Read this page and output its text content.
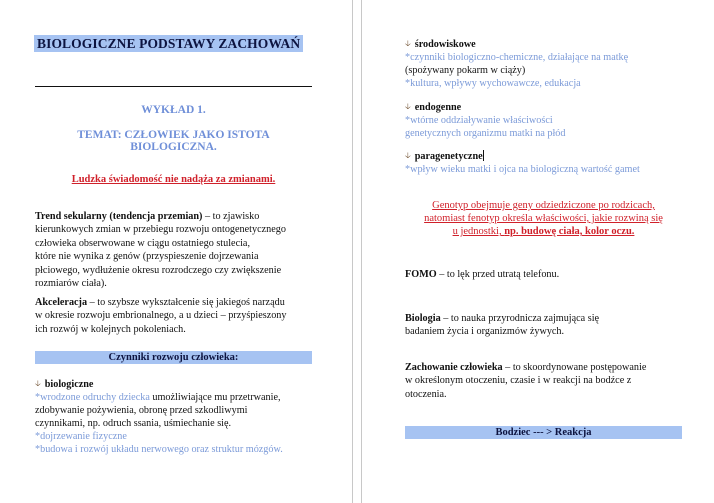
BIOLOGICZNE PODSTAWY ZACHOWAŃ
WYKŁAD 1.
TEMAT: CZŁOWIEK JAKO ISTOTA BIOLOGICZNA.
Ludzka świadomość nie nadąża za zmianami.
Trend sekularny (tendencja przemian) – to zjawisko
kierunkowych zmian w przebiegu rozwoju ontogenetycznego
człowieka obserwowane w ciągu ostatniego stulecia,
które nie wynika z genów (przyspieszenie dojrzewania
płciowego, wydłużenie okresu rozrodczego czy zwiększenie
rozmiarów ciała).
Akceleracja – to szybsze wykształcenie się jakiegoś narządu
w okresie rozwoju embrionalnego, a u dzieci – przyśpieszony
ich rozwój w kolejnych pokoleniach.
Czynniki rozwoju człowieka:
🡣 biologiczne
*wrodzone odruchy dziecka umożliwiające mu przetrwanie,
zdobywanie pożywienia, obronę przed szkodliwymi
czynnikami, np. odruch ssania, uśmiechanie się.
*dojrzewanie fizyczne
*budowa i rozwój układu nerwowego oraz struktur mózgów.
🡣 środowiskowe
*czynniki biologiczno-chemiczne, działające na matkę
(spożywany pokarm w ciąży)
*kultura, wpływy wychowawcze, edukacja
🡣 endogenne
*wtórne oddziaływanie właściwości
genetycznych organizmu matki na płód
🡣 paragenetyczne
*wpływ wieku matki i ojca na biologiczną wartość gamet
Genotyp obejmuje geny odziedziczone po rodzicach,
natomiast fenotyp określa właściwości, jakie rozwiną się
u jednostki, np. budowę ciała, kolor oczu.
FOMO – to lęk przed utratą telefonu.
Biologia – to nauka przyrodnicza zajmująca się
badaniem życia i organizmów żywych.
Zachowanie człowieka – to skoordynowane postępowanie
w określonym otoczeniu, czasie i w reakcji na bodźce z
otoczenia.
Bodziec --- > Reakcja
